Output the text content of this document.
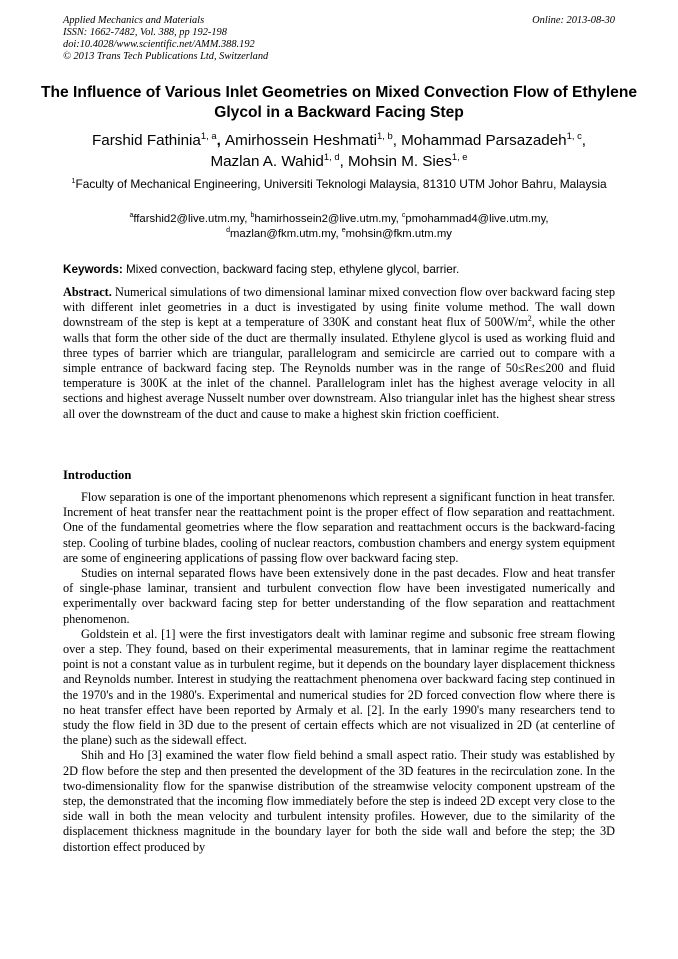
Applied Mechanics and Materials
ISSN: 1662-7482, Vol. 388, pp 192-198
doi:10.4028/www.scientific.net/AMM.388.192
© 2013 Trans Tech Publications Ltd, Switzerland
Online: 2013-08-30
The Influence of Various Inlet Geometries on Mixed Convection Flow of Ethylene Glycol in a Backward Facing Step
Farshid Fathinia$^{1, a}$, Amirhossein Heshmati$^{1, b}$, Mohammad Parsazadeh$^{1, c}$,
Mazlan A. Wahid$^{1, d}$, Mohsin M. Sies$^{1, e}$
$^1$Faculty of Mechanical Engineering, Universiti Teknologi Malaysia, 81310 UTM Johor Bahru, Malaysia
$^a$ffarshid2@live.utm.my, $^b$hamirhossein2@live.utm.my, $^c$pmohammad4@live.utm.my,
$^d$mazlan@fkm.utm.my, $^e$mohsin@fkm.utm.my
Keywords: Mixed convection, backward facing step, ethylene glycol, barrier.
Abstract. Numerical simulations of two dimensional laminar mixed convection flow over backward facing step with different inlet geometries in a duct is investigated by using finite volume method. The wall down downstream of the step is kept at a temperature of 330K and constant heat flux of $500W/m^2$, while the other walls that form the other side of the duct are thermally insulated. Ethylene glycol is used as working fluid and three types of barrier which are triangular, parallelogram and semicircle are carried out to compare with a simple entrance of backward facing step. The Reynolds number was in the range of 50≤Re≤200 and fluid temperature is 300K at the inlet of the channel. Parallelogram inlet has the highest average velocity in all sections and highest average Nusselt number over downstream. Also triangular inlet has the highest shear stress all over the downstream of the duct and cause to make a highest skin friction coefficient.
Introduction

Flow separation is one of the important phenomenons which represent a significant function in heat transfer. Increment of heat transfer near the reattachment point is the proper effect of flow separation and reattachment. One of the fundamental geometries where the flow separation and reattachment occurs is the backward-facing step. Cooling of turbine blades, cooling of nuclear reactors, combustion chambers and energy system equipment are some of engineering applications of passing flow over backward facing step.

Studies on internal separated flows have been extensively done in the past decades. Flow and heat transfer of single-phase laminar, transient and turbulent convection flow have been investigated numerically and experimentally over backward facing step for better understanding of the flow separation and reattachment phenomenon.

Goldstein et al. [1] were the first investigators dealt with laminar regime and subsonic free stream flowing over a step. They found, based on their experimental measurements, that in laminar regime the reattachment point is not a constant value as in turbulent regime, but it depends on the boundary layer displacement thickness and Reynolds number. Interest in studying the reattachment phenomena over backward facing step continued in the 1970's and in the 1980's. Experimental and numerical studies for 2D forced convection flow where there is no heat transfer effect have been reported by Armaly et al. [2]. In the early 1990's many researchers tend to study the flow field in 3D due to the present of certain effects which are not visualized in 2D (at centerline of the plane) such as the sidewall effect.

Shih and Ho [3] examined the water flow field behind a small aspect ratio. Their study was established by 2D flow before the step and then presented the development of the 3D features in the recirculation zone. In the two-dimensionality flow for the spanwise distribution of the streamwise velocity component upstream of the step, the demonstrated that the incoming flow immediately before the step is indeed 2D except very close to the side wall in both the mean velocity and turbulent intensity profiles. However, due to the similarity of the displacement thickness magnitude in the boundary layer for both the side wall and before the step; the 3D distortion effect produced by
